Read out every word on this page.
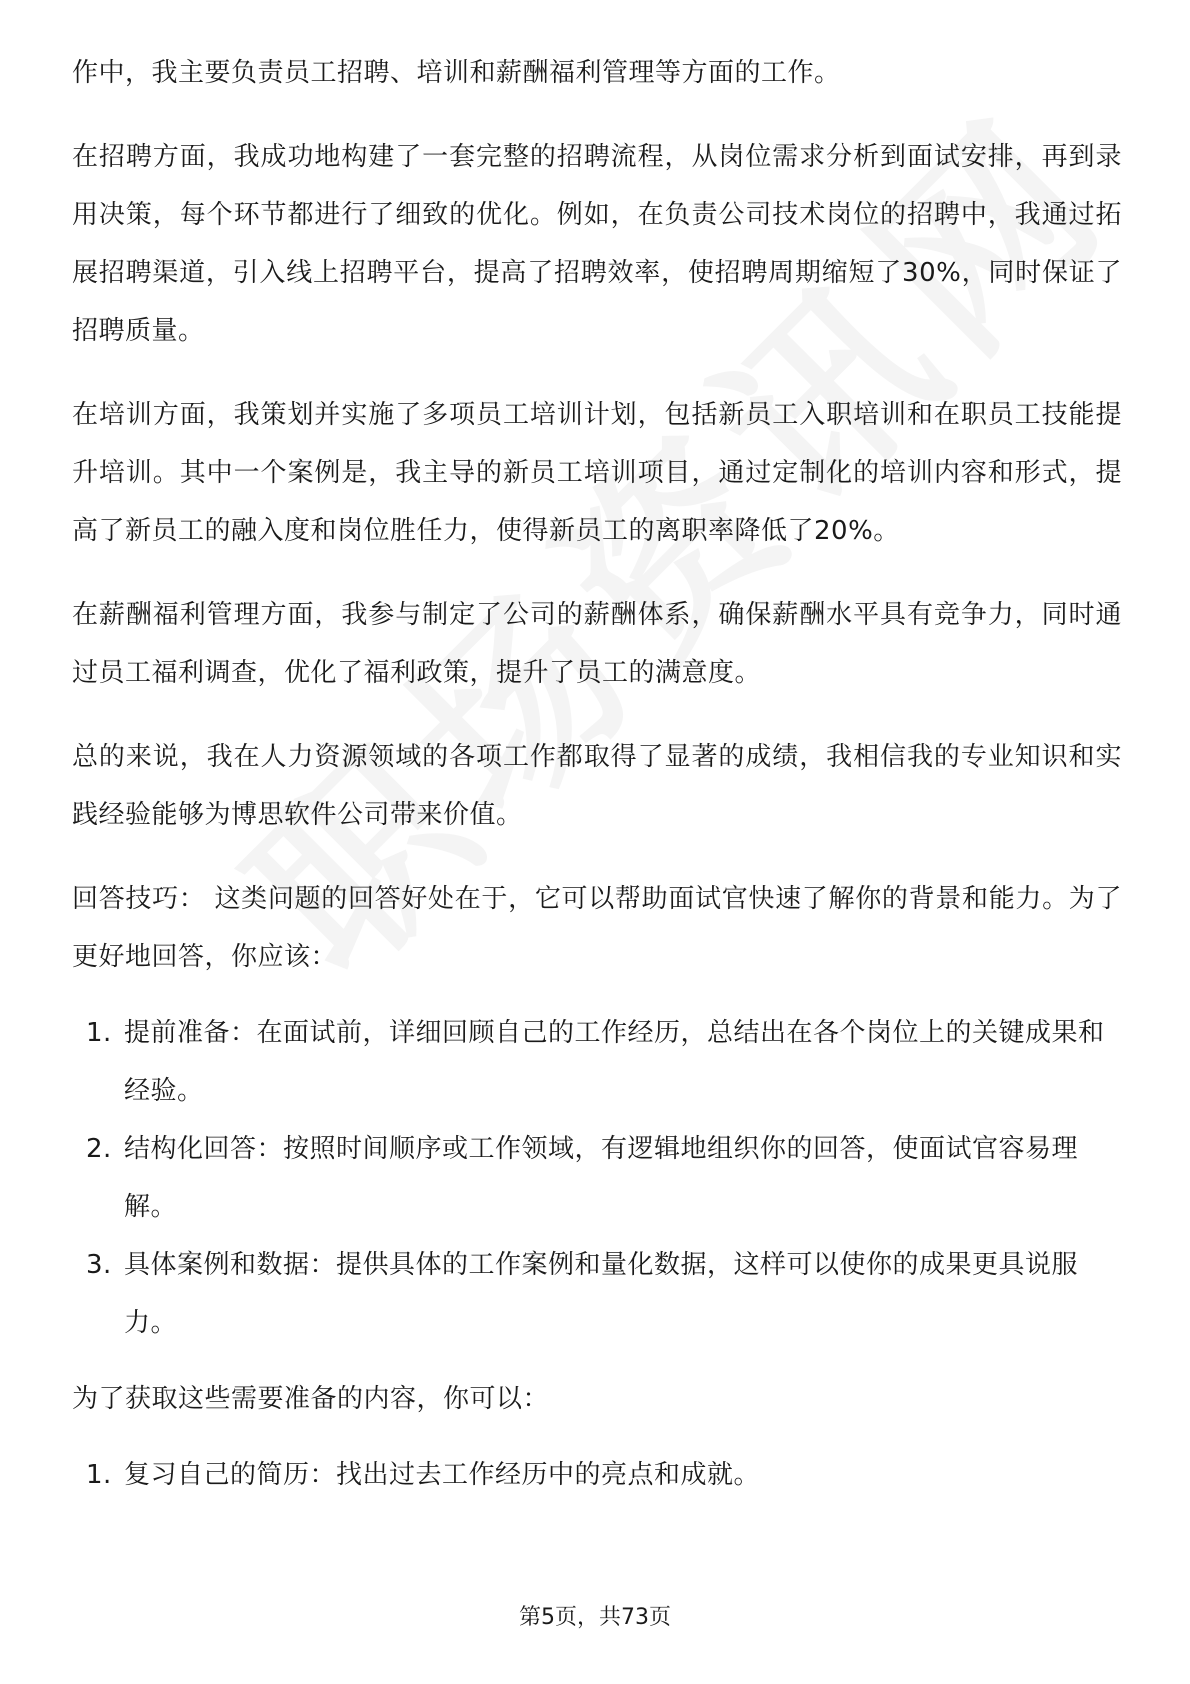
作中，我主要负责员工招聘、培训和薪酬福利管理等方面的工作。

在招聘方面，我成功地构建了一套完整的招聘流程，从岗位需求分析到面试安排，再到录用决策，每个环节都进行了细致的优化。例如，在负责公司技术岗位的招聘中，我通过拓展招聘渠道，引入线上招聘平台，提高了招聘效率，使招聘周期缩短了30%，同时保证了招聘质量。

在培训方面，我策划并实施了多项员工培训计划，包括新员工入职培训和在职员工技能提升培训。其中一个案例是，我主导的新员工培训项目，通过定制化的培训内容和形式，提高了新员工的融入度和岗位胜任力，使得新员工的离职率降低了20%。

在薪酬福利管理方面，我参与制定了公司的薪酬体系，确保薪酬水平具有竞争力，同时通过员工福利调查，优化了福利政策，提升了员工的满意度。

总的来说，我在人力资源领域的各项工作都取得了显著的成绩，我相信我的专业知识和实践经验能够为博思软件公司带来价值。

回答技巧： 这类问题的回答好处在于，它可以帮助面试官快速了解你的背景和能力。为了更好地回答，你应该：

1. 提前准备：在面试前，详细回顾自己的工作经历，总结出在各个岗位上的关键成果和经验。
2. 结构化回答：按照时间顺序或工作领域，有逻辑地组织你的回答，使面试官容易理解。
3. 具体案例和数据：提供具体的工作案例和量化数据，这样可以使你的成果更具说服力。

为了获取这些需要准备的内容，你可以：

1. 复习自己的简历：找出过去工作经历中的亮点和成就。
第5页，共73页
